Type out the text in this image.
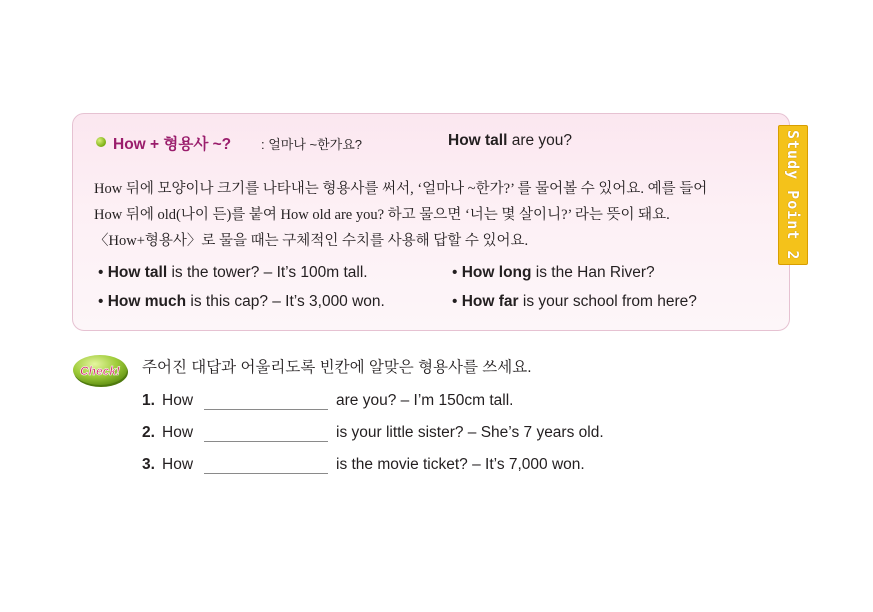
Study Point 2
How + 형용사 ~? : 얼마나 ~한가요?	How tall are you?
How 뒤에 모양이나 크기를 나타내는 형용사를 써서, ‘얼마나 ~한가?’ 를 물어볼 수 있어요. 예를 들어
How 뒤에 old(나이 든)를 붙여 How old are you? 하고 물으면 ‘너는 몇 살이니?’ 라는 뜻이 돼요.
〈How+형용사〉로 물을 때는 구체적인 수치를 사용해 답할 수 있어요.
• How tall is the tower? – It’s 100m tall.	• How long is the Han River?
• How much is this cap? – It’s 3,000 won.	• How far is your school from here?
Check! 주어진 대답과 어울리도록 빈칸에 알맞은 형용사를 쓰세요.
1. How	are you? – I’m 150cm tall.
2. How	is your little sister? – She’s 7 years old.
3. How	is the movie ticket? – It’s 7,000 won.
